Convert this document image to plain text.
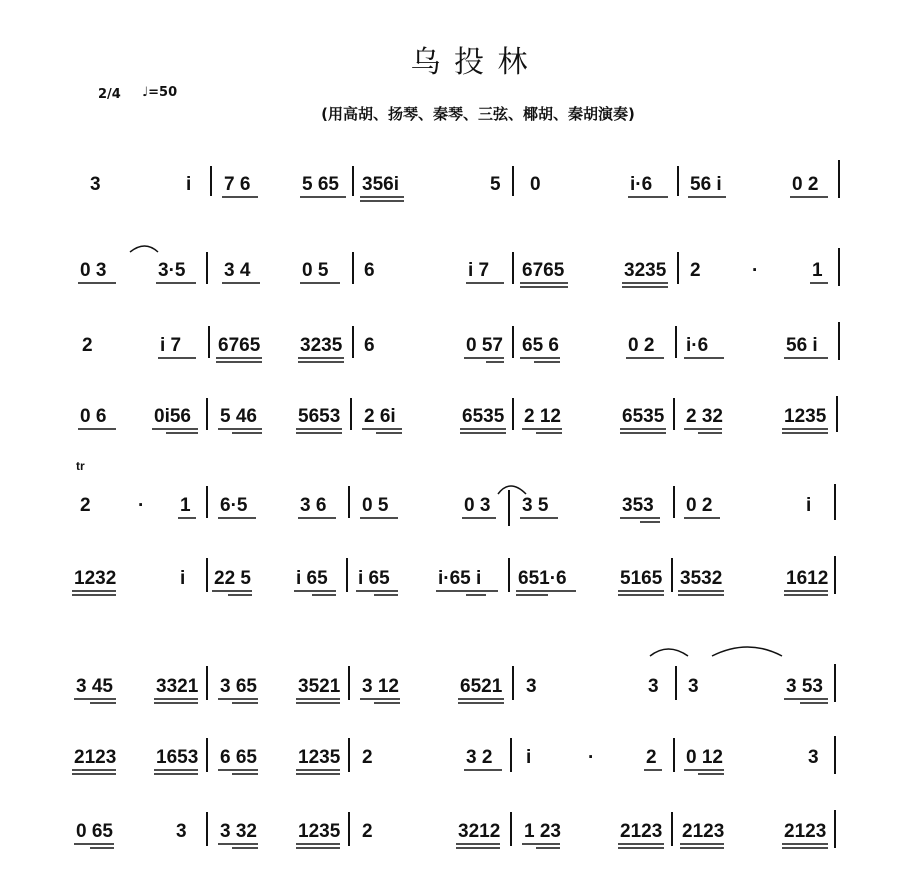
乌 投 林
(用高胡、扬琴、秦琴、三弦、椰胡、秦胡演奏)
2/4 ♩=50
3	i 7 6	5 65 356i	5 0	i·6 56 i	0 2
0 3	3·5 3 4	0 5 6	i 7 6765	3235 2	·	1
2	i 7 6765 3235 6	0 57 65 6	0 2 i·6	56 i
0 6	0i56 5 46 5653 2 6i	6535 2 12	6535 2 32	1235
tr
2 · 1 6·5	3 6 0 5	0 3 3 5	353 0 2	i
1232	i 22 5 i 65 i 65	i·65 i 651·6	5165 3532	1612
3 45 3321 3 65 3521 3 12	6521 3	3 3	3 53
2123 1653 6 65 1235 2	3 2 i	·	2 0 12	3
0 65	3 3 32 1235 2	3212 1 23	2123 2123	2123
